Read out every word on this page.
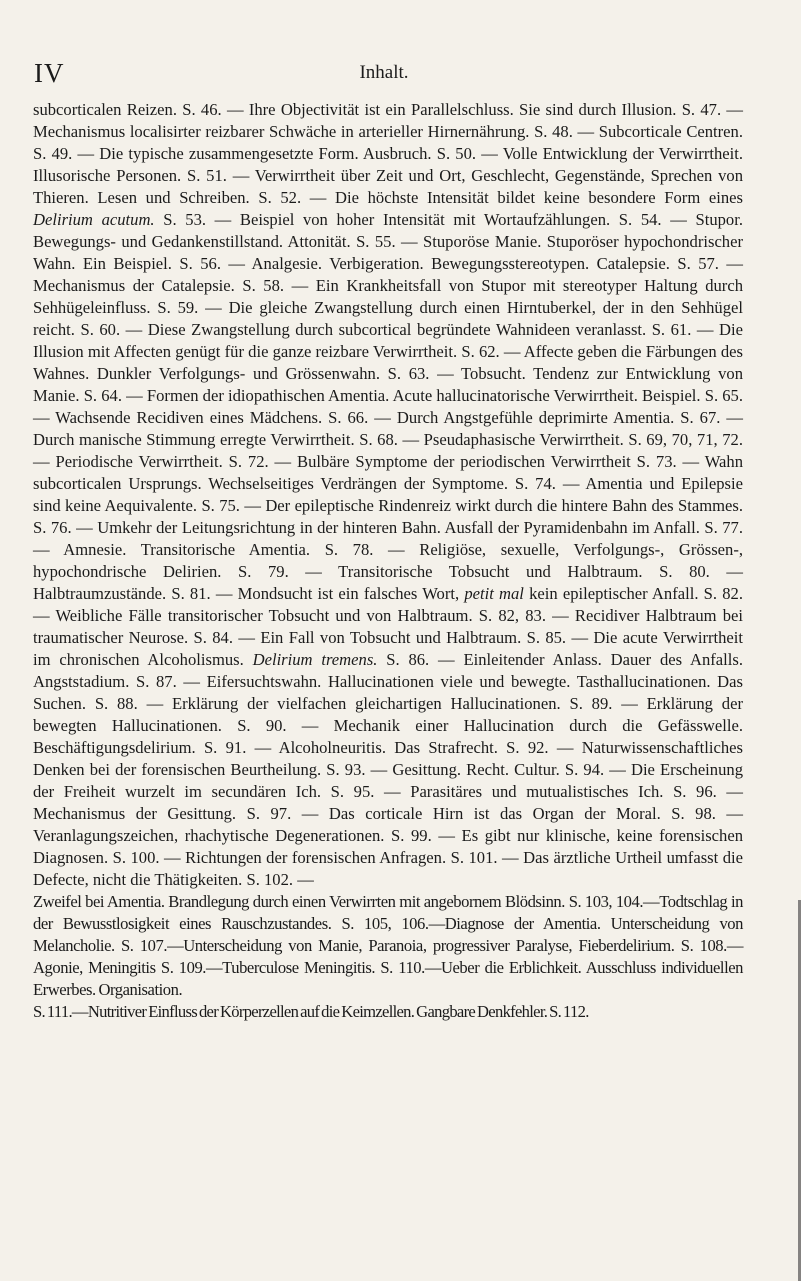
IV	Inhalt.

subcorticalen Reizen. S. 46. — Ihre Objectivität ist ein Parallelschluss. Sie sind durch Illusion. S. 47. — Mechanismus localisirter reizbarer Schwäche in arterieller Hirnernährung. S. 48. — Subcorticale Centren. S. 49. — Die typische zusammengesetzte Form. Ausbruch. S. 50. — Volle Entwicklung der Verwirrtheit. Illusorische Personen. S. 51. — Verwirrtheit über Zeit und Ort, Geschlecht, Gegenstände, Sprechen von Thieren. Lesen und Schreiben. S. 52. — Die höchste Intensität bildet keine besondere Form eines Delirium acutum. S. 53. — Beispiel von hoher Intensität mit Wortaufzählungen. S. 54. — Stupor. Bewegungs- und Gedankenstillstand. Attonität. S. 55. — Stuporöse Manie. Stuporöser hypochondrischer Wahn. Ein Beispiel. S. 56. — Analgesie. Verbigeration. Bewegungsstereotypen. Catalepsie. S. 57. — Mechanismus der Catalepsie. S. 58. — Ein Krankheitsfall von Stupor mit stereotyper Haltung durch Sehhügeleinfluss. S. 59. — Die gleiche Zwangstellung durch einen Hirntuberkel, der in den Sehhügel reicht. S. 60. — Diese Zwangstellung durch subcortical begründete Wahnideen veranlasst. S. 61. — Die Illusion mit Affecten genügt für die ganze reizbare Verwirrtheit. S. 62. — Affecte geben die Färbungen des Wahnes. Dunkler Verfolgungs- und Grössenwahn. S. 63. — Tobsucht. Tendenz zur Entwicklung von Manie. S. 64. — Formen der idiopathischen Amentia. Acute hallucinatorische Verwirrtheit. Beispiel. S. 65. — Wachsende Recidiven eines Mädchens. S. 66. — Durch Angstgefühle deprimirte Amentia. S. 67. — Durch manische Stimmung erregte Verwirrtheit. S. 68. — Pseudaphasische Verwirrtheit. S. 69, 70, 71, 72. — Periodische Verwirrtheit. S. 72. — Bulbäre Symptome der periodischen Verwirrtheit S. 73. — Wahn subcorticalen Ursprungs. Wechselseitiges Verdrängen der Symptome. S. 74. — Amentia und Epilepsie sind keine Aequivalente. S. 75. — Der epileptische Rindenreiz wirkt durch die hintere Bahn des Stammes. S. 76. — Umkehr der Leitungsrichtung in der hinteren Bahn. Ausfall der Pyramidenbahn im Anfall. S. 77. — Amnesie. Transitorische Amentia. S. 78. — Religiöse, sexuelle, Verfolgungs-, Grössen-, hypochondrische Delirien. S. 79. — Transitorische Tobsucht und Halbtraum. S. 80. — Halbtraumzustände. S. 81. — Mondsucht ist ein falsches Wort, petit mal kein epileptischer Anfall. S. 82. — Weibliche Fälle transitorischer Tobsucht und von Halbtraum. S. 82, 83. — Recidiver Halbtraum bei traumatischer Neurose. S. 84. — Ein Fall von Tobsucht und Halbtraum. S. 85. — Die acute Verwirrtheit im chronischen Alcoholismus. Delirium tremens. S. 86. — Einleitender Anlass. Dauer des Anfalls. Angststadium. S. 87. — Eifersuchtswahn. Hallucinationen viele und bewegte. Tasthallucinationen. Das Suchen. S. 88. — Erklärung der vielfachen gleichartigen Hallucinationen. S. 89. — Erklärung der bewegten Hallucinationen. S. 90. — Mechanik einer Hallucination durch die Gefässwelle. Beschäftigungsdelirium. S. 91. — Alcoholneuritis. Das Strafrecht. S. 92. — Naturwissenschaftliches Denken bei der forensischen Beurtheilung. S. 93. — Gesittung. Recht. Cultur. S. 94. — Die Erscheinung der Freiheit wurzelt im secundären Ich. S. 95. — Parasitäres und mutualistisches Ich. S. 96. — Mechanismus der Gesittung. S. 97. — Das corticale Hirn ist das Organ der Moral. S. 98. — Veranlagungszeichen, rhachytische Degenerationen. S. 99. — Es gibt nur klinische, keine forensischen Diagnosen. S. 100. — Richtungen der forensischen Anfragen. S. 101. — Das ärztliche Urtheil umfasst die Defecte, nicht die Thätigkeiten. S. 102. —

Zweifel bei Amentia. Brandlegung durch einen Verwirrten mit angebornem Blödsinn. S. 103, 104.—Todtschlag in der Bewusstlosigkeit eines Rauschzustandes. S. 105, 106.—Diagnose der Amentia. Unterscheidung von Melancholie. S. 107.—Unterscheidung von Manie, Paranoia, progressiver Paralyse, Fieberdelirium. S. 108.—Agonie, Meningitis S. 109.—Tuberculose Meningitis. S. 110.—Ueber die Erblichkeit. Ausschluss individuellen Erwerbes. Organisation.

S. 111.—Nutritiver Einfluss der Körperzellen auf die Keimzellen. Gangbare Denkfehler. S. 112.
